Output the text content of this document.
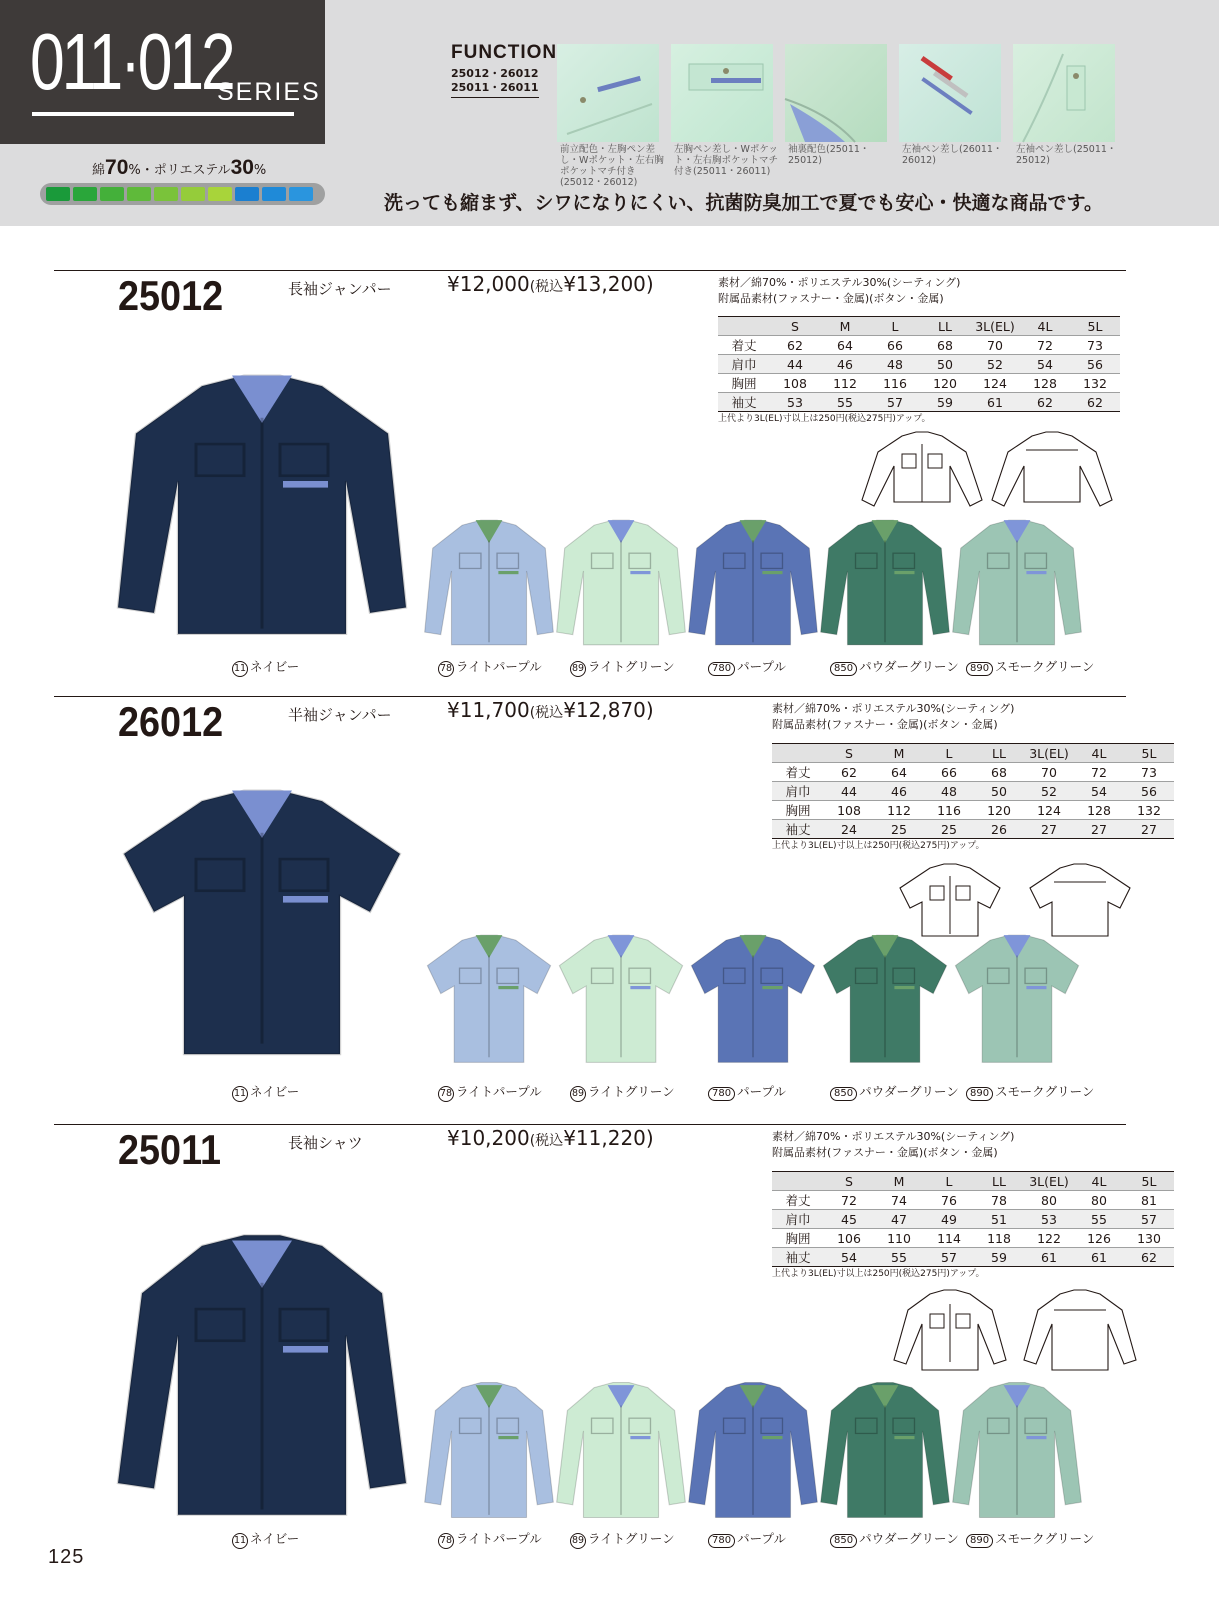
011·012
SERIES
綿70%・ポリエステル30%
FUNCTION
25012・26012
25011・26011
前立配色・左胸ペン差し・Wポケット・左右胸ポケットマチ付き(25012・26012)
左胸ペン差し・Wポケット・左右胸ポケットマチ付き(25011・26011)
袖裏配色(25011・25012)
左袖ペン差し(26011・26012)
左袖ペン差し(25011・25012)
洗っても縮まず、シワになりにくい、抗菌防臭加工で夏でも安心・快適な商品です。
25012	長袖ジャンパー	¥12,000(税込¥13,200)	素材／綿70%・ポリエステル30%(シーティング)
附属品素材(ファスナー・金属)(ボタン・金属)
	S	M	L	LL	3L(EL)	4L	5L
着丈	62	64	66	68	70	72	73
肩巾	44	46	48	50	52	54	56
胸囲	108	112	116	120	124	128	132
袖丈	53	55	57	59	61	62	62
上代より3L(EL)寸以上は250円(税込275円)アップ。
11 ネイビー	78 ライトパープル	89 ライトグリーン	780 パープル	850 パウダーグリーン	890 スモークグリーン
26012	半袖ジャンパー	¥11,700(税込¥12,870)	素材／綿70%・ポリエステル30%(シーティング)
附属品素材(ファスナー・金属)(ボタン・金属)
	S	M	L	LL	3L(EL)	4L	5L
着丈	62	64	66	68	70	72	73
肩巾	44	46	48	50	52	54	56
胸囲	108	112	116	120	124	128	132
袖丈	24	25	25	26	27	27	27
上代より3L(EL)寸以上は250円(税込275円)アップ。
11 ネイビー	78 ライトパープル	89 ライトグリーン	780 パープル	850 パウダーグリーン	890 スモークグリーン
25011	長袖シャツ	¥10,200(税込¥11,220)	素材／綿70%・ポリエステル30%(シーティング)
附属品素材(ファスナー・金属)(ボタン・金属)
	S	M	L	LL	3L(EL)	4L	5L
着丈	72	74	76	78	80	80	81
肩巾	45	47	49	51	53	55	57
胸囲	106	110	114	118	122	126	130
袖丈	54	55	57	59	61	61	62
上代より3L(EL)寸以上は250円(税込275円)アップ。
11 ネイビー	78 ライトパープル	89 ライトグリーン	780 パープル	850 パウダーグリーン	890 スモークグリーン
125
